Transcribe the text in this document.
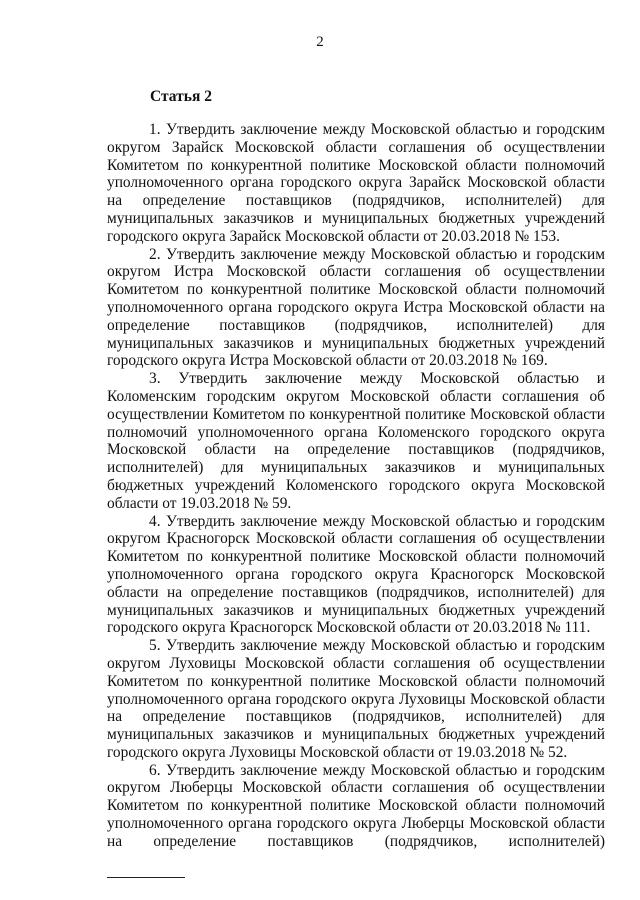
2
Статья 2

1. Утвердить заключение между Московской областью и городским округом Зарайск Московской области соглашения об осуществлении Комитетом по конкурентной политике Московской области полномочий уполномоченного органа городского округа Зарайск Московской области на определение поставщиков (подрядчиков, исполнителей) для муниципальных заказчиков и муниципальных бюджетных учреждений городского округа Зарайск Московской области от 20.03.2018 № 153.

2. Утвердить заключение между Московской областью и городским округом Истра Московской области соглашения об осуществлении Комитетом по конкурентной политике Московской области полномочий уполномоченного органа городского округа Истра Московской области на определение поставщиков (подрядчиков, исполнителей) для муниципальных заказчиков и муниципальных бюджетных учреждений городского округа Истра Московской области от 20.03.2018 № 169.

3. Утвердить заключение между Московской областью и Коломенским городским округом Московской области соглашения об осуществлении Комитетом по конкурентной политике Московской области полномочий уполномоченного органа Коломенского городского округа Московской области на определение поставщиков (подрядчиков, исполнителей) для муниципальных заказчиков и муниципальных бюджетных учреждений Коломенского городского округа Московской области от 19.03.2018 № 59.

4. Утвердить заключение между Московской областью и городским округом Красногорск Московской области соглашения об осуществлении Комитетом по конкурентной политике Московской области полномочий уполномоченного органа городского округа Красногорск Московской области на определение поставщиков (подрядчиков, исполнителей) для муниципальных заказчиков и муниципальных бюджетных учреждений городского округа Красногорск Московской области от 20.03.2018 № 111.

5. Утвердить заключение между Московской областью и городским округом Луховицы Московской области соглашения об осуществлении Комитетом по конкурентной политике Московской области полномочий уполномоченного органа городского округа Луховицы Московской области на определение поставщиков (подрядчиков, исполнителей) для муниципальных заказчиков и муниципальных бюджетных учреждений городского округа Луховицы Московской области от 19.03.2018 № 52.

6. Утвердить заключение между Московской областью и городским округом Люберцы Московской области соглашения об осуществлении Комитетом по конкурентной политике Московской области полномочий уполномоченного органа городского округа Люберцы Московской области на определение поставщиков (подрядчиков, исполнителей)
